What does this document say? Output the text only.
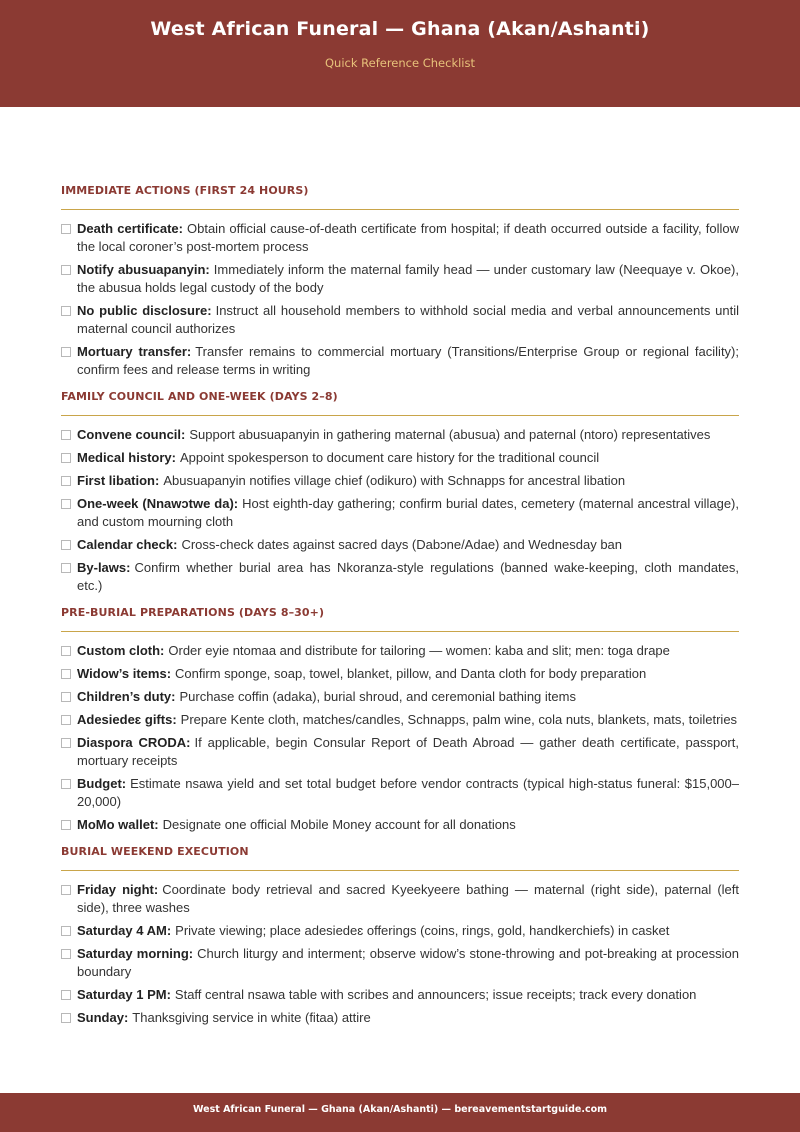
West African Funeral — Ghana (Akan/Ashanti)
Quick Reference Checklist
IMMEDIATE ACTIONS (FIRST 24 HOURS)
Death certificate: Obtain official cause-of-death certificate from hospital; if death occurred outside a facility, follow the local coroner’s post-mortem process
Notify abusuapanyin: Immediately inform the maternal family head — under customary law (Neequaye v. Okoe), the abusua holds legal custody of the body
No public disclosure: Instruct all household members to withhold social media and verbal announcements until maternal council authorizes
Mortuary transfer: Transfer remains to commercial mortuary (Transitions/Enterprise Group or regional facility); confirm fees and release terms in writing
FAMILY COUNCIL AND ONE-WEEK (DAYS 2–8)
Convene council: Support abusuapanyin in gathering maternal (abusua) and paternal (ntoro) representatives
Medical history: Appoint spokesperson to document care history for the traditional council
First libation: Abusuapanyin notifies village chief (odikuro) with Schnapps for ancestral libation
One-week (Nnawɔtwe da): Host eighth-day gathering; confirm burial dates, cemetery (maternal ancestral village), and custom mourning cloth
Calendar check: Cross-check dates against sacred days (Dabɔne/Adae) and Wednesday ban
By-laws: Confirm whether burial area has Nkoranza-style regulations (banned wake-keeping, cloth mandates, etc.)
PRE-BURIAL PREPARATIONS (DAYS 8–30+)
Custom cloth: Order eyie ntomaa and distribute for tailoring — women: kaba and slit; men: toga drape
Widow’s items: Confirm sponge, soap, towel, blanket, pillow, and Danta cloth for body preparation
Children’s duty: Purchase coffin (adaka), burial shroud, and ceremonial bathing items
Adesiedeɛ gifts: Prepare Kente cloth, matches/candles, Schnapps, palm wine, cola nuts, blankets, mats, toiletries
Diaspora CRODA: If applicable, begin Consular Report of Death Abroad — gather death certificate, passport, mortuary receipts
Budget: Estimate nsawa yield and set total budget before vendor contracts (typical high-status funeral: $15,000–20,000)
MoMo wallet: Designate one official Mobile Money account for all donations
BURIAL WEEKEND EXECUTION
Friday night: Coordinate body retrieval and sacred Kyeekyeere bathing — maternal (right side), paternal (left side), three washes
Saturday 4 AM: Private viewing; place adesiedeɛ offerings (coins, rings, gold, handkerchiefs) in casket
Saturday morning: Church liturgy and interment; observe widow’s stone-throwing and pot-breaking at procession boundary
Saturday 1 PM: Staff central nsawa table with scribes and announcers; issue receipts; track every donation
Sunday: Thanksgiving service in white (fitaa) attire
West African Funeral — Ghana (Akan/Ashanti) — bereavementstartguide.com
